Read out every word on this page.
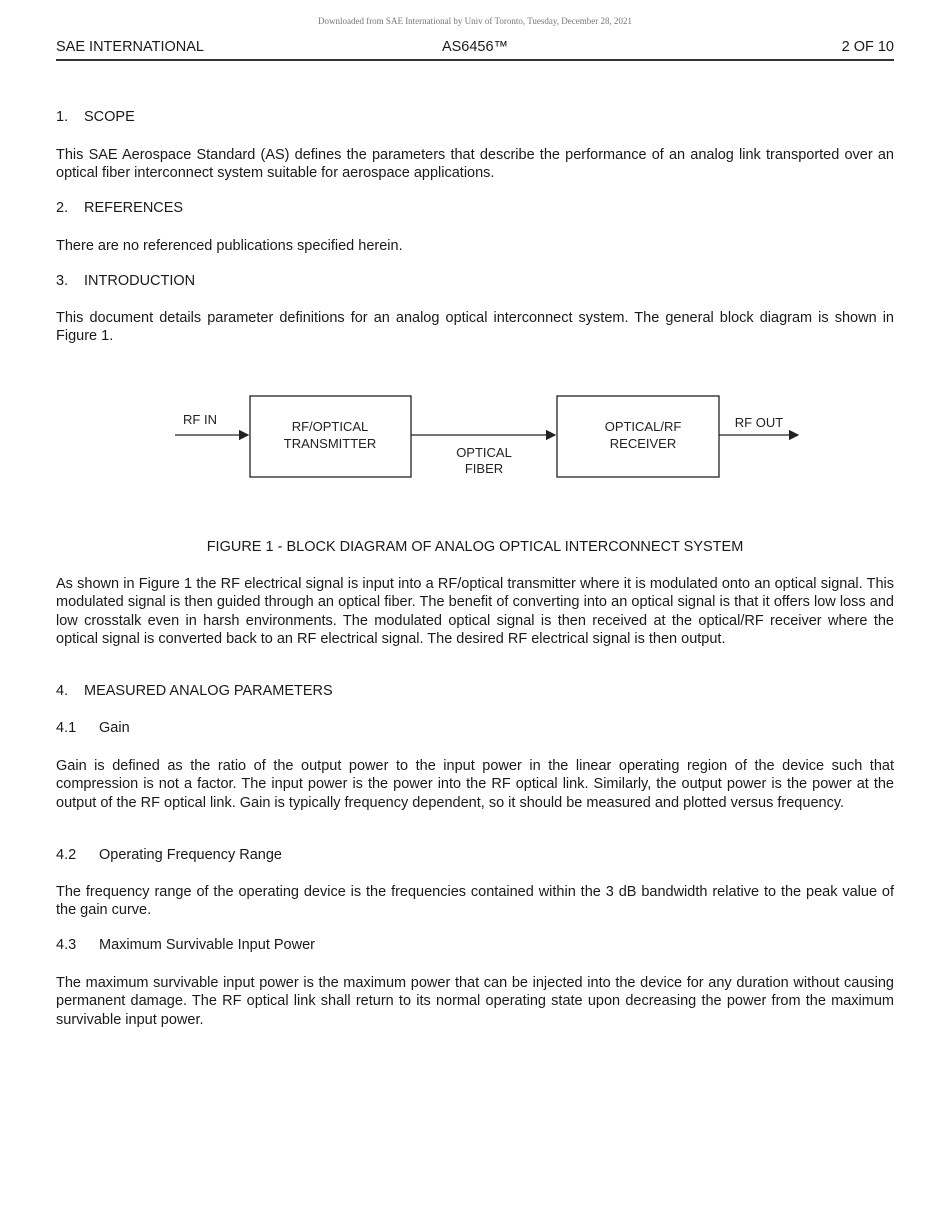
Downloaded from SAE International by Univ of Toronto, Tuesday, December 28, 2021
SAE INTERNATIONAL	AS6456™	2 OF 10
1. SCOPE
This SAE Aerospace Standard (AS) defines the parameters that describe the performance of an analog link transported over an optical fiber interconnect system suitable for aerospace applications.
2. REFERENCES
There are no referenced publications specified herein.
3. INTRODUCTION
This document details parameter definitions for an analog optical interconnect system. The general block diagram is shown in Figure 1.
RF IN	RF/OPTICAL
TRANSMITTER
OPTICAL
FIBER
OPTICAL/RF
RECEIVER
RF OUT
FIGURE 1 - BLOCK DIAGRAM OF ANALOG OPTICAL INTERCONNECT SYSTEM
As shown in Figure 1 the RF electrical signal is input into a RF/optical transmitter where it is modulated onto an optical signal. This modulated signal is then guided through an optical fiber. The benefit of converting into an optical signal is that it offers low loss and low crosstalk even in harsh environments. The modulated optical signal is then received at the optical/RF receiver where the optical signal is converted back to an RF electrical signal. The desired RF electrical signal is then output.
4. MEASURED ANALOG PARAMETERS
4.1 Gain
Gain is defined as the ratio of the output power to the input power in the linear operating region of the device such that compression is not a factor. The input power is the power into the RF optical link. Similarly, the output power is the power at the output of the RF optical link. Gain is typically frequency dependent, so it should be measured and plotted versus frequency.
4.2 Operating Frequency Range
The frequency range of the operating device is the frequencies contained within the 3 dB bandwidth relative to the peak value of the gain curve.
4.3 Maximum Survivable Input Power
The maximum survivable input power is the maximum power that can be injected into the device for any duration without causing permanent damage. The RF optical link shall return to its normal operating state upon decreasing the power from the maximum survivable input power.
